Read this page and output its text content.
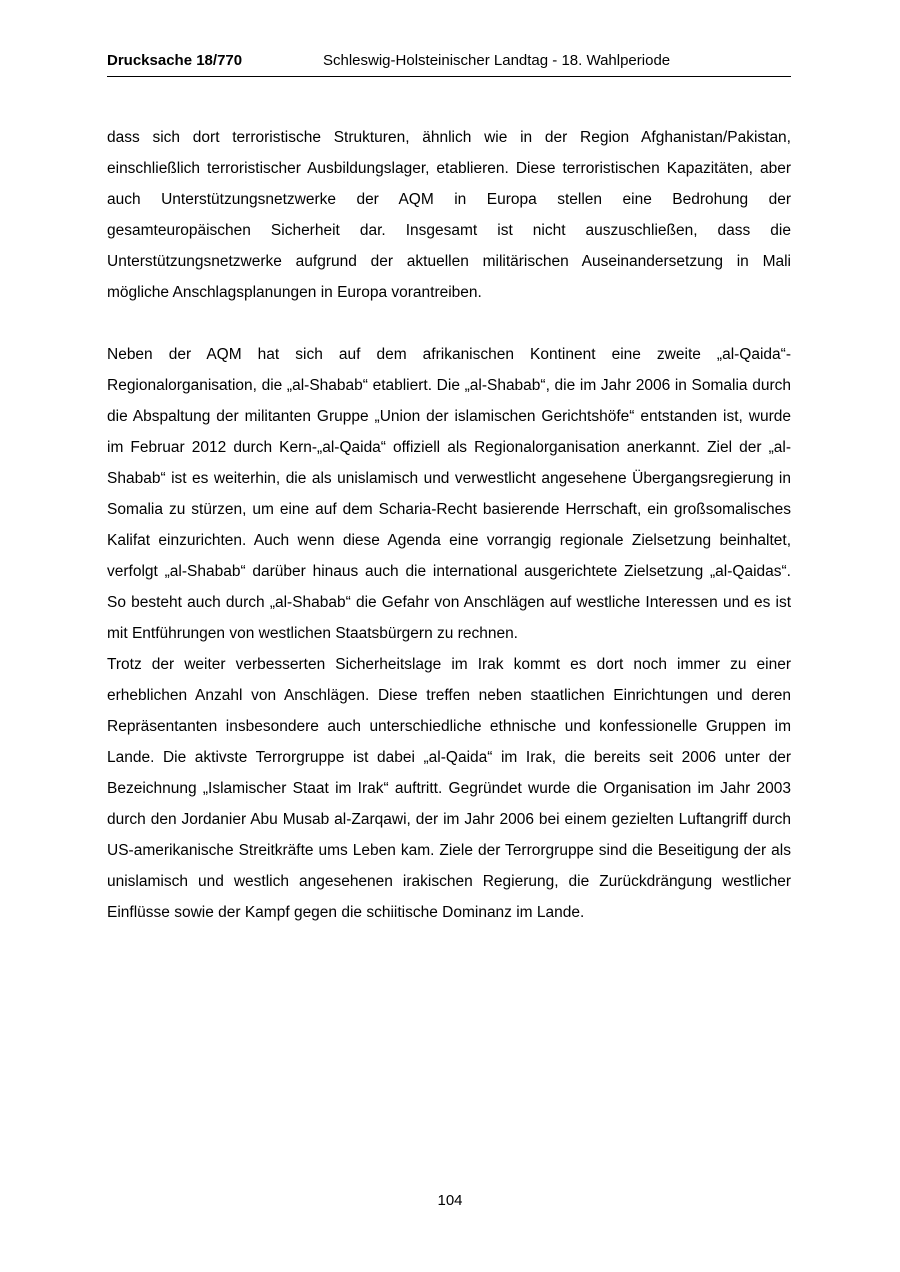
Drucksache 18/770	Schleswig-Holsteinischer Landtag - 18. Wahlperiode

dass sich dort terroristische Strukturen, ähnlich wie in der Region Afghanistan/Pakistan, einschließlich terroristischer Ausbildungslager, etablieren. Diese terroristischen Kapazitäten, aber auch Unterstützungsnetzwerke der AQM in Europa stellen eine Bedrohung der gesamteuropäischen Sicherheit dar. Insgesamt ist nicht auszuschließen, dass die Unterstützungsnetzwerke aufgrund der aktuellen militärischen Auseinandersetzung in Mali mögliche Anschlagsplanungen in Europa vorantreiben.

Neben der AQM hat sich auf dem afrikanischen Kontinent eine zweite „al-Qaida“-Regionalorganisation, die „al-Shabab“ etabliert. Die „al-Shabab“, die im Jahr 2006 in Somalia durch die Abspaltung der militanten Gruppe „Union der islamischen Gerichtshöfe“ entstanden ist, wurde im Februar 2012 durch Kern-„al-Qaida“ offiziell als Regionalorganisation anerkannt. Ziel der „al-Shabab“ ist es weiterhin, die als unislamisch und verwestlicht angesehene Übergangsregierung in Somalia zu stürzen, um eine auf dem Scharia-Recht basierende Herrschaft, ein großsomalisches Kalifat einzurichten. Auch wenn diese Agenda eine vorrangig regionale Zielsetzung beinhaltet, verfolgt „al-Shabab“ darüber hinaus auch die international ausgerichtete Zielsetzung „al-Qaidas“. So besteht auch durch „al-Shabab“ die Gefahr von Anschlägen auf westliche Interessen und es ist mit Entführungen von westlichen Staatsbürgern zu rechnen.

Trotz der weiter verbesserten Sicherheitslage im Irak kommt es dort noch immer zu einer erheblichen Anzahl von Anschlägen. Diese treffen neben staatlichen Einrichtungen und deren Repräsentanten insbesondere auch unterschiedliche ethnische und konfessionelle Gruppen im Lande. Die aktivste Terrorgruppe ist dabei „al-Qaida“ im Irak, die bereits seit 2006 unter der Bezeichnung „Islamischer Staat im Irak“ auftritt. Gegründet wurde die Organisation im Jahr 2003 durch den Jordanier Abu Musab al-Zarqawi, der im Jahr 2006 bei einem gezielten Luftangriff durch US-amerikanische Streitkräfte ums Leben kam. Ziele der Terrorgruppe sind die Beseitigung der als unislamisch und westlich angesehenen irakischen Regierung, die Zurückdrängung westlicher Einflüsse sowie der Kampf gegen die schiitische Dominanz im Lande.

104
